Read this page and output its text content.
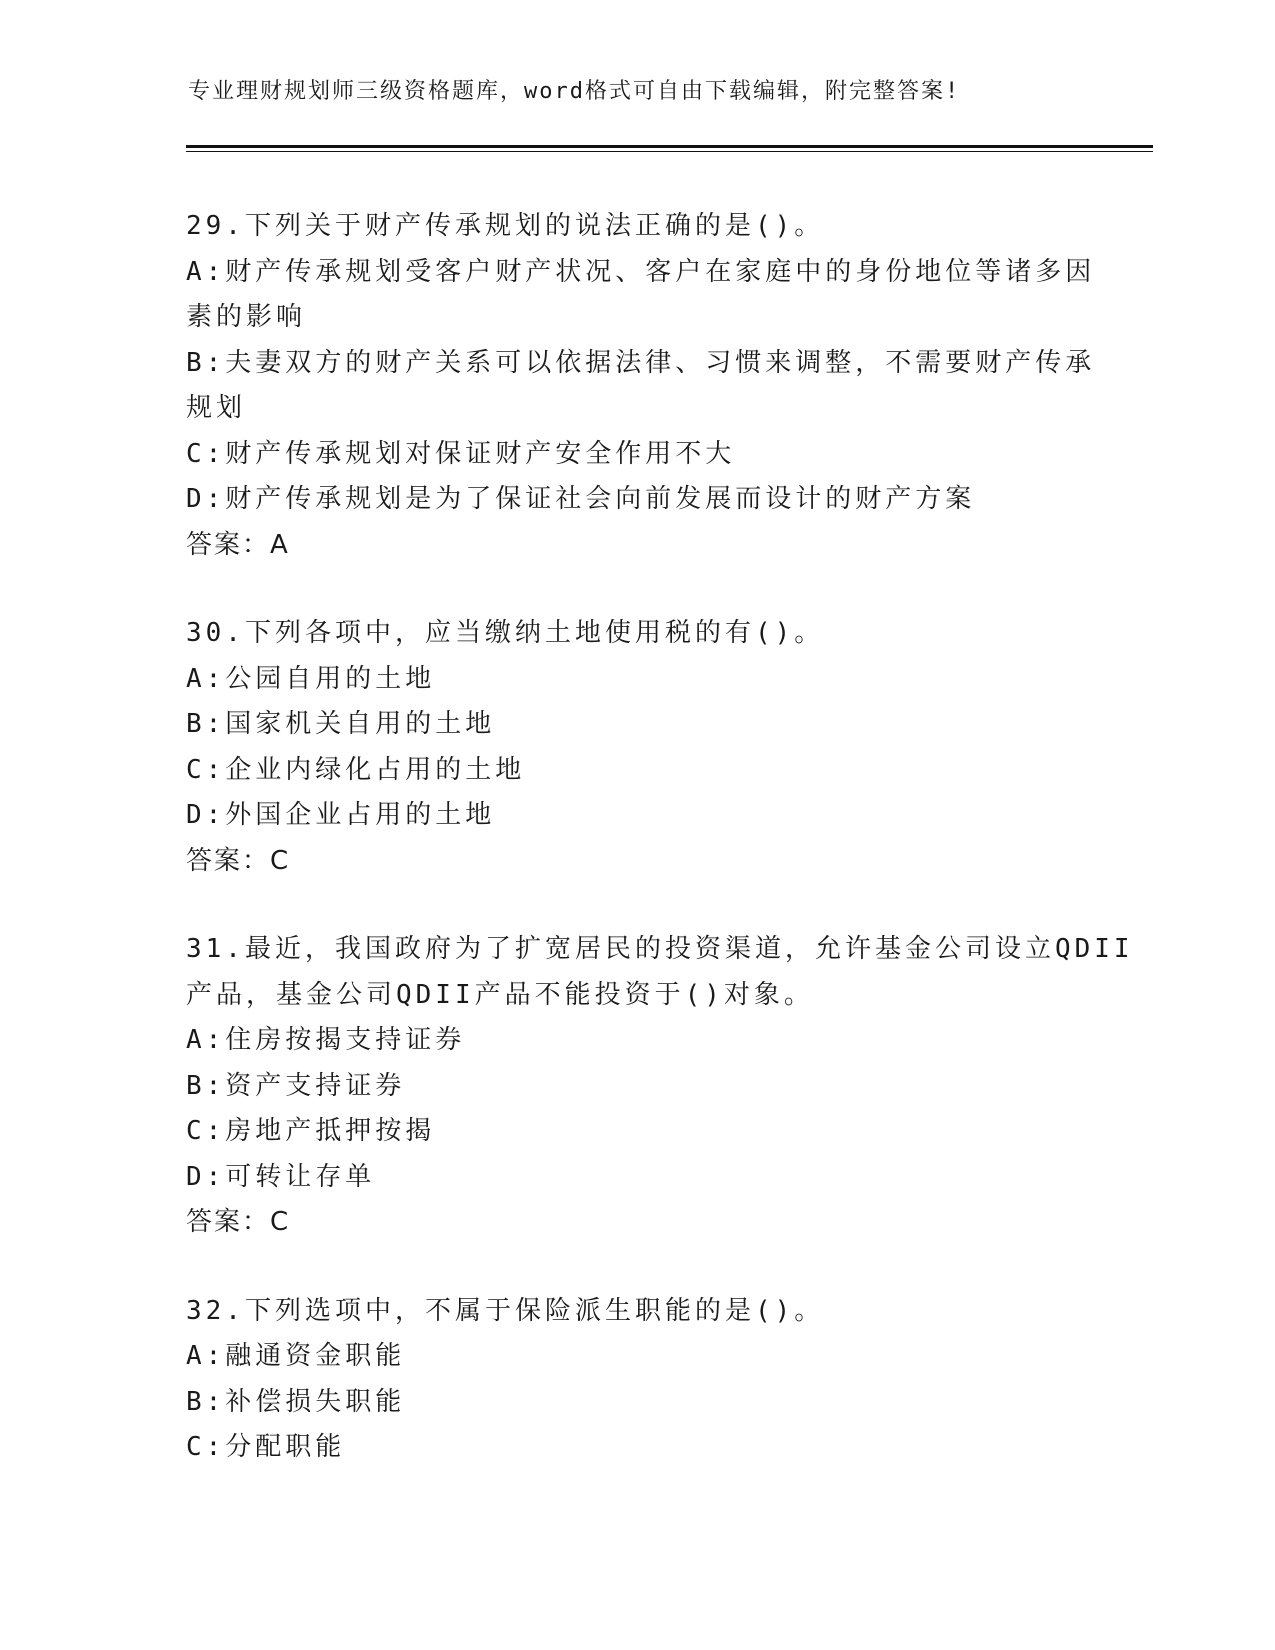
专业理财规划师三级资格题库，word格式可自由下载编辑，附完整答案!
29.下列关于财产传承规划的说法正确的是()。
A:财产传承规划受客户财产状况、客户在家庭中的身份地位等诸多因
素的影响
B:夫妻双方的财产关系可以依据法律、习惯来调整，不需要财产传承
规划
C:财产传承规划对保证财产安全作用不大
D:财产传承规划是为了保证社会向前发展而设计的财产方案
答案：A
30.下列各项中，应当缴纳土地使用税的有()。
A:公园自用的土地
B:国家机关自用的土地
C:企业内绿化占用的土地
D:外国企业占用的土地
答案：C
31.最近，我国政府为了扩宽居民的投资渠道，允许基金公司设立QDII
产品，基金公司QDII产品不能投资于()对象。
A:住房按揭支持证券
B:资产支持证券
C:房地产抵押按揭
D:可转让存单
答案：C
32.下列选项中，不属于保险派生职能的是()。
A:融通资金职能
B:补偿损失职能
C:分配职能
